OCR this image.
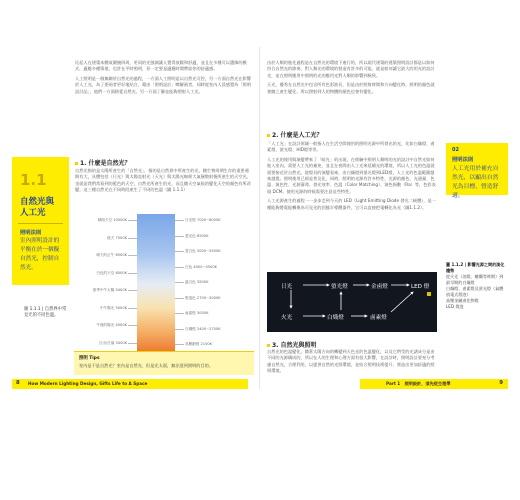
比起人在建築本體或圍繞四周，更同的光強調讓人覺得放鬆和舒適，並且在多種可以選擇的模式，適應多種情境，也許在平時照明，但一定要是適應時間帶給你的舒適感。

人工照明是一個無關於自然光的過程，一方面人工照明是以自然光可控，另一方面自然光在影響於人工光，為了要兩者更好地結合，藉由「照明設計」瞭解兩者，同時從室內人員感覺為「照明設計品」，他們一方面熱愛自然光，另一方面了解並能夠照射人工光。

1.1
自然光與人工光
照明法則
室內照明設計的平衡在於一個擬自然光，控制自然光。
1. 什麼是自然光？

自然光指的是太陽所產生的「自然光」，指的是自然界中所產生的光，隨生物周期生存的重要週期有大，具體包括（日光）與太陽直射光（天光）與太陽光線經大氣層散射後所產生的天空光，也就是我們常看到的藍色的天空，自然光所產生的光，而且隨天空氣候的變化天空的顏色有所改變。這三種自然光在不同時段產生了不同的色溫（圖 1.1.1）

晴朗天空 10000K
陰天 7500K
晴天的正午 6500K
白色的天空 6000K
夏季中午太陽 5400K
中午陽光 5000K
午後的陽光 4000K
日出/日落 3400K
日光燈 7000~8000K
晝光色 6500K
晝白色 5000~5500K
白色 4000~4500K
溫白色 3500K
燈泡色 2700~3000K
鹵素燈 3000K
白熾燈 2400~2700K
高壓鈉燈 2100K
圖 1.1.1 | 自然界中常見光的不同色溫。
照明 Tips
室內是不是自然光？室內是自然光、但是光太弱，無法達到照明的目的。
8 How Modern Lighting Design, Gifts Life to A Space

由於人類的進化過程是在自然光的環境下進行的，所以現代建築的建築照明設計都是以如何符合自然光的節奏，對人類光的環境的營造有許多的可能，就是如何讓它最大的用光的設計光，並在照明應用中照明的光的應用光對人類的影響到極致。

天光，優秀在自然光中包含所有色彩波長，但是由於照射時間和方向變化時，照明的顏色就會隨之產生變化。所以照射到人的物體的顏色也會有變化。

2. 什麼是人工光？

「人工光」在設計領域一般指人在生活空間使用的照明光源中所發出的光，比如白熾燈、鹵素燈、螢光燈、HID燈等等。

人工光的使用與演變帶來了「暗光」的出現，在經驗中照明人類明的光的設計中自然光如何進入室內，需要人工光的補充，並且在夜間由人工光來延續光的環境，所以人工光的色溫就需要接近於自然光。從燈具的演變看來，由白熾燈到螢光燈到LED燈，人工光的色溫範圍越來越寬。照明使用已經是普及化，同時，照明的光源有許多特性，光源的顏色、光通量、色溫、演色性、光源壽命、發光效率、色溫（Color Matching）、演色指數（Ra）等，色彩表現 DCM。使用光源的時候需要注意這些特性。

人工光源產生的過程一一步步走到今天的 LED（Light Emitting Diode 發光二極體），是一種能夠將電能轉換為可見光的固態半導體器件，它可以直接把電轉化為光（圖1.1.2）。

02
照明法則
人工光用於補充自然光，以顯出自然光為目標，營造舒適。
日光	螢光燈	金鹵燈	LED 燈
火光	白熾燈	鹵素燈
圖 1.1.2 | 影響光源之間的演化趨勢
從火光（油燈、蠟燭等時期）到最早期的白熾燈
白熾燈、鹵素燈及螢光燈（氣體放電式燈泡）
高壓金屬鹵化物燈
LED 燈泡
3. 自然光與照明

自然光的色溫變化，隨著太陽方向的轉變到天色光的色溫變化，以及它們受的光譜成分是由不同的光源構成的，所以在人的生理和心理方面有很大影響，在設計時，照明設計要充分考慮自然光，合理利用，以提供自然的光照環境，並結合照明技術提升，營造出更加舒適的照明環境。

Part 1　 照明設計，須先從生理學	9
